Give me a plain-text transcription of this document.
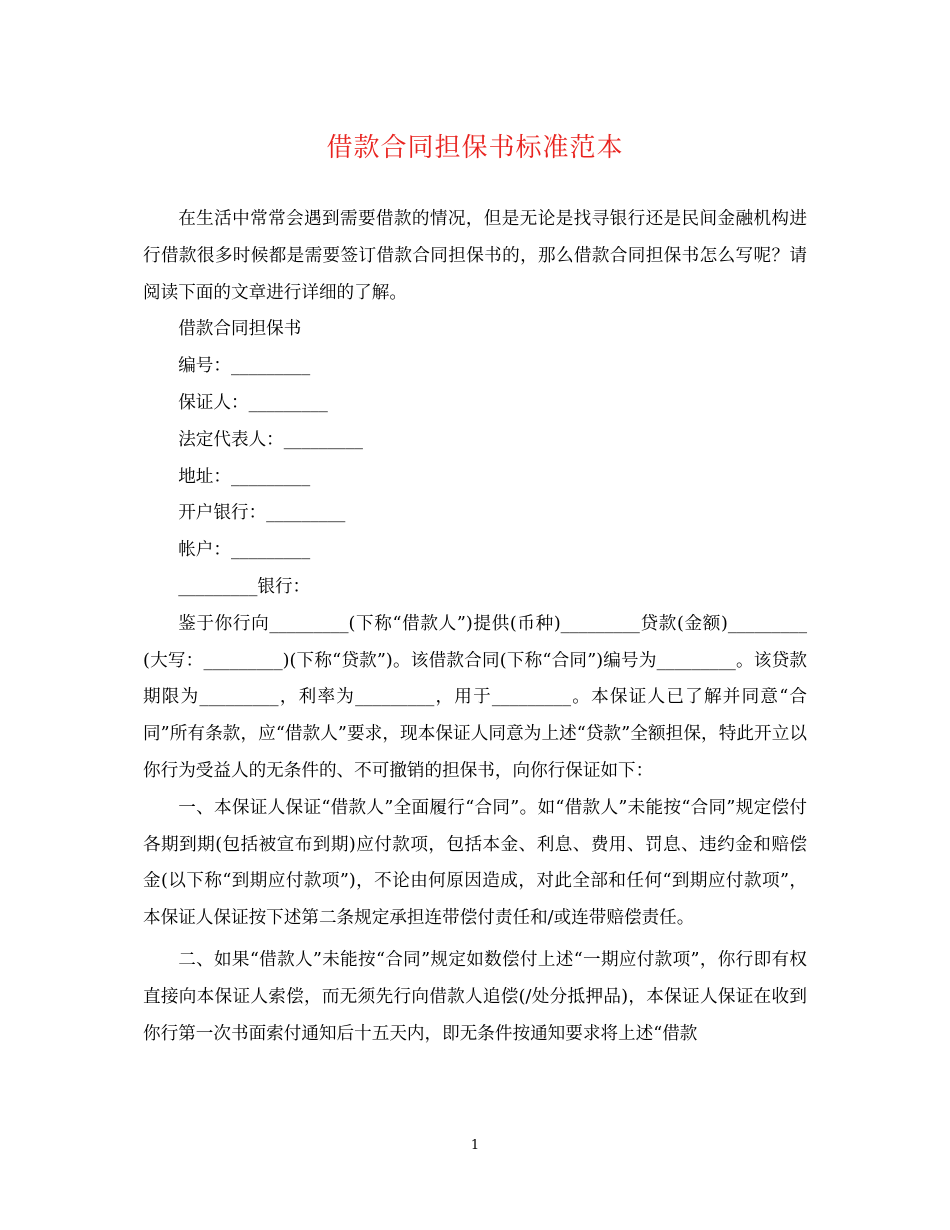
借款合同担保书标准范本

在生活中常常会遇到需要借款的情况，但是无论是找寻银行还是民间金融机构进行借款很多时候都是需要签订借款合同担保书的，那么借款合同担保书怎么写呢？请阅读下面的文章进行详细的了解。

借款合同担保书

编号：_________

保证人：_________

法定代表人：_________

地址：_________

开户银行：_________

帐户：_________

_________银行：

鉴于你行向_________(下称“借款人”)提供(币种)_________贷款(金额)_________(大写：_________)(下称“贷款”)。该借款合同(下称“合同”)编号为_________。该贷款期限为_________，利率为_________，用于_________。本保证人已了解并同意“合同”所有条款，应“借款人”要求，现本保证人同意为上述“贷款”全额担保，特此开立以你行为受益人的无条件的、不可撤销的担保书，向你行保证如下：

一、本保证人保证“借款人”全面履行“合同”。如“借款人”未能按“合同”规定偿付各期到期(包括被宣布到期)应付款项，包括本金、利息、费用、罚息、违约金和赔偿金(以下称“到期应付款项”)，不论由何原因造成，对此全部和任何“到期应付款项”，本保证人保证按下述第二条规定承担连带偿付责任和/或连带赔偿责任。

二、如果“借款人”未能按“合同”规定如数偿付上述“一期应付款项”，你行即有权直接向本保证人索偿，而无须先行向借款人追偿(/处分抵押品)，本保证人保证在收到你行第一次书面索付通知后十五天内，即无条件按通知要求将上述“借款

1
